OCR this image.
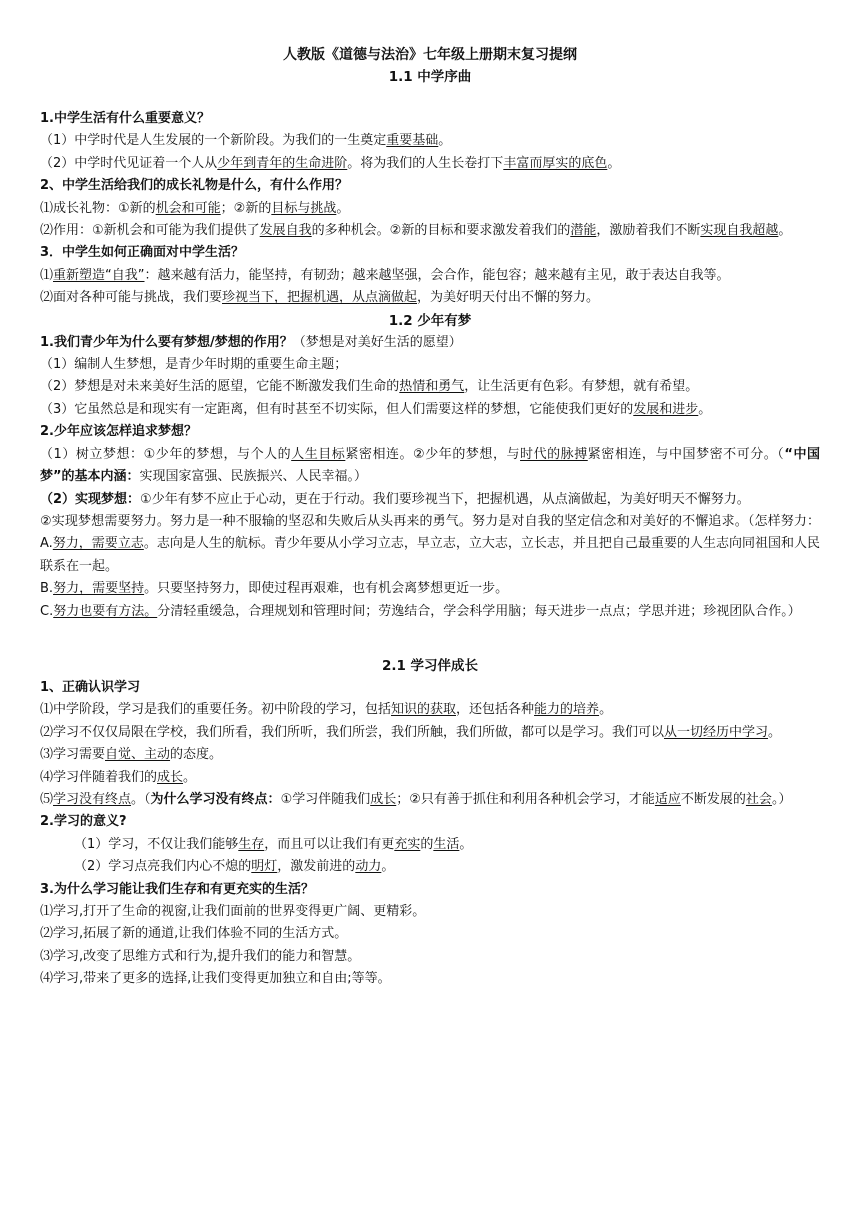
人教版《道德与法治》七年级上册期末复习提纲
1.1 中学序曲

1.中学生活有什么重要意义？

（1）中学时代是人生发展的一个新阶段。为我们的一生奠定重要基础。

（2）中学时代见证着一个人从少年到青年的生命进阶。将为我们的人生长卷打下丰富而厚实的底色。

2、中学生活给我们的成长礼物是什么，有什么作用？

⑴成长礼物：①新的机会和可能；②新的目标与挑战。

⑵作用：①新机会和可能为我们提供了发展自我的多种机会。②新的目标和要求激发着我们的潜能，激励着我们不断实现自我超越。

3．中学生如何正确面对中学生活？

⑴重新塑造“自我”：越来越有活力，能坚持，有韧劲；越来越坚强，会合作，能包容；越来越有主见，敢于表达自我等。

⑵面对各种可能与挑战，我们要珍视当下，把握机遇，从点滴做起，为美好明天付出不懈的努力。

1.2 少年有梦

1.我们青少年为什么要有梦想/梦想的作用？（梦想是对美好生活的愿望）

（1）编制人生梦想，是青少年时期的重要生命主题；

（2）梦想是对未来美好生活的愿望，它能不断激发我们生命的热情和勇气，让生活更有色彩。有梦想，就有希望。

（3）它虽然总是和现实有一定距离，但有时甚至不切实际，但人们需要这样的梦想，它能使我们更好的发展和进步。

2.少年应该怎样追求梦想？

（1）树立梦想：①少年的梦想，与个人的人生目标紧密相连。②少年的梦想，与时代的脉搏紧密相连，与中国梦密不可分。（“中国梦”的基本内涵：实现国家富强、民族振兴、人民幸福。）

（2）实现梦想：①少年有梦不应止于心动，更在于行动。我们要珍视当下，把握机遇，从点滴做起，为美好明天不懈努力。

②实现梦想需要努力。努力是一种不服输的坚忍和失败后从头再来的勇气。努力是对自我的坚定信念和对美好的不懈追求。（怎样努力：A.努力，需要立志。志向是人生的航标。青少年要从小学习立志，早立志，立大志，立长志，并且把自己最重要的人生志向同祖国和人民联系在一起。

B.努力，需要坚持。只要坚持努力，即使过程再艰难，也有机会离梦想更近一步。

C.努力也要有方法。分清轻重缓急，合理规划和管理时间；劳逸结合，学会科学用脑；每天进步一点点；学思并进；珍视团队合作。）

2.1 学习伴成长

1、正确认识学习

⑴中学阶段，学习是我们的重要任务。初中阶段的学习，包括知识的获取，还包括各种能力的培养。

⑵学习不仅仅局限在学校，我们所看，我们所听，我们所尝，我们所触，我们所做，都可以是学习。我们可以从一切经历中学习。

⑶学习需要自觉、主动的态度。

⑷学习伴随着我们的成长。

⑸学习没有终点。（为什么学习没有终点：①学习伴随我们成长；②只有善于抓住和利用各种机会学习，才能适应不断发展的社会。）

2.学习的意义?

（1）学习，不仅让我们能够生存，而且可以让我们有更充实的生活。

（2）学习点亮我们内心不熄的明灯，激发前进的动力。

3.为什么学习能让我们生存和有更充实的生活？

⑴学习,打开了生命的视窗,让我们面前的世界变得更广阔、更精彩。

⑵学习,拓展了新的通道,让我们体验不同的生活方式。

⑶学习,改变了思维方式和行为,提升我们的能力和智慧。

⑷学习,带来了更多的选择,让我们变得更加独立和自由;等等。
